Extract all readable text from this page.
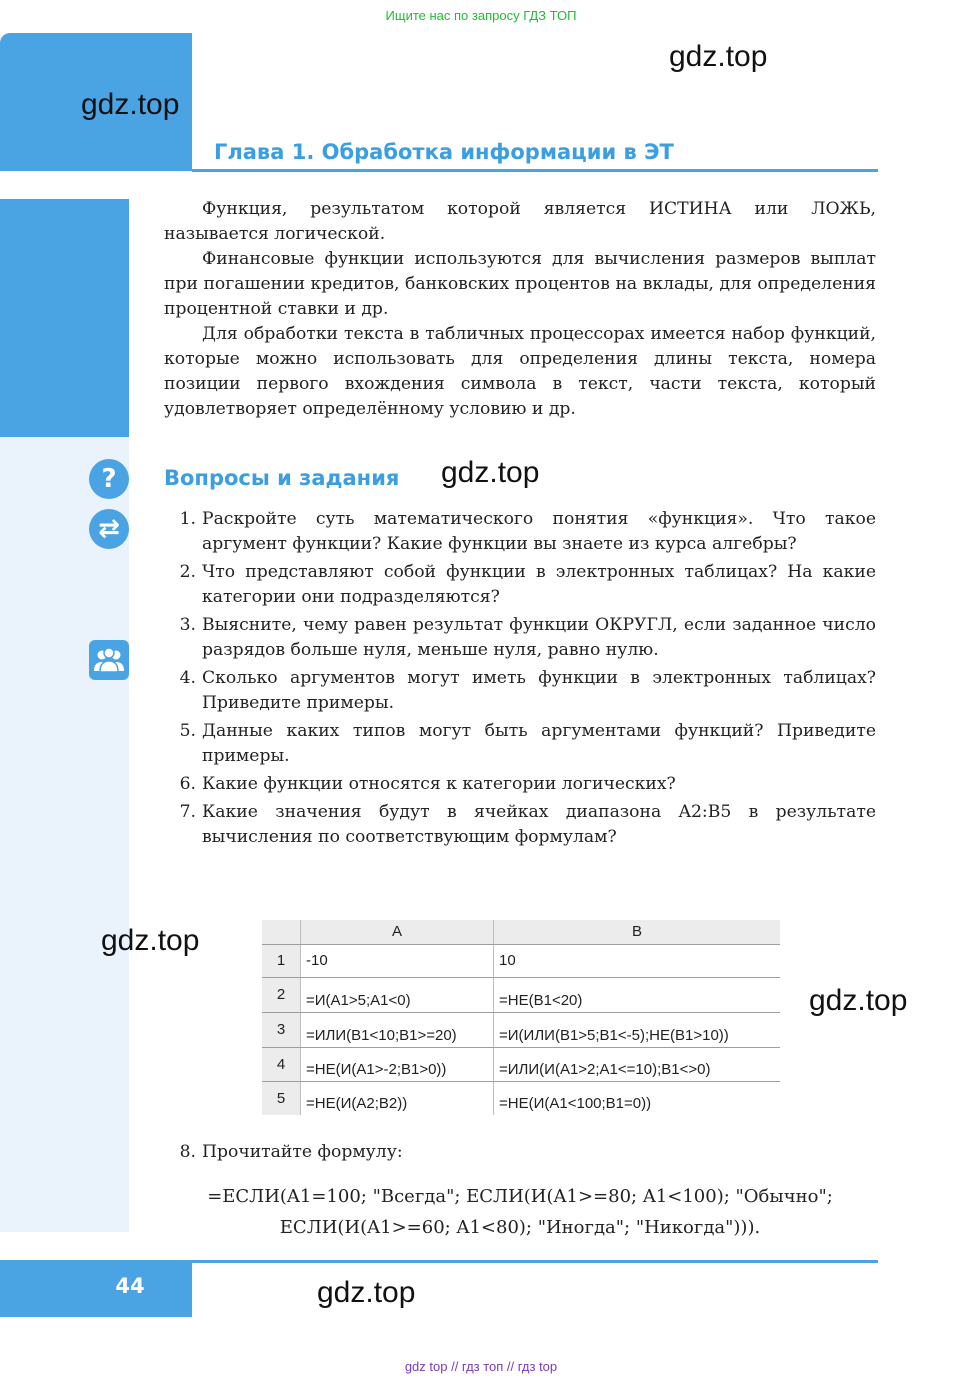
Ищите нас по запросу ГДЗ ТОП
gdz.top
gdz.top
Глава 1. Обработка информации в ЭТ

Функция, результатом которой является ИСТИНА или ЛОЖЬ, называется логической.

Финансовые функции используются для вычисления размеров выплат при погашении кредитов, банковских процентов на вклады, для определения процентной ставки и др.

Для обработки текста в табличных процессорах имеется набор функций, которые можно использовать для определения длины текста, номера позиции первого вхождения символа в текст, части текста, который удовлетворяет определённому условию и др.

?
⇄
Вопросы и задания gdz.top
1. Раскройте суть математического понятия «функция». Что такое аргумент функции? Какие функции вы знаете из курса алгебры?
2. Что представляют собой функции в электронных таблицах? На какие категории они подразделяются?
3. Выясните, чему равен результат функции ОКРУГЛ, если заданное число разрядов больше нуля, меньше нуля, равно нулю.
4. Сколько аргументов могут иметь функции в электронных таблицах? Приведите примеры.
5. Данные каких типов могут быть аргументами функций? Приведите примеры.
6. Какие функции относятся к категории логических?
7. Какие значения будут в ячейках диапазона A2:B5 в результате вычисления по соответствующим формулам?
gdz.top
gdz.top
	A	B
1	-10	10
2	=И(A1>5;A1<0)	=НЕ(B1<20)
3	=ИЛИ(B1<10;B1>=20)	=И(ИЛИ(B1>5;B1<-5);НЕ(B1>10))
4	=НЕ(И(A1>-2;B1>0))	=ИЛИ(И(A1>2;A1<=10);B1<>0)
5	=НЕ(И(A2;B2))	=НЕ(И(A1<100;B1=0))
8. Прочитайте формулу:
=ЕСЛИ(A1=100; "Всегда"; ЕСЛИ(И(A1>=80; A1<100); "Обычно";
ЕСЛИ(И(A1>=60; A1<80); "Иногда"; "Никогда"))).
44	gdz.top
gdz top // гдз топ // гдз top
